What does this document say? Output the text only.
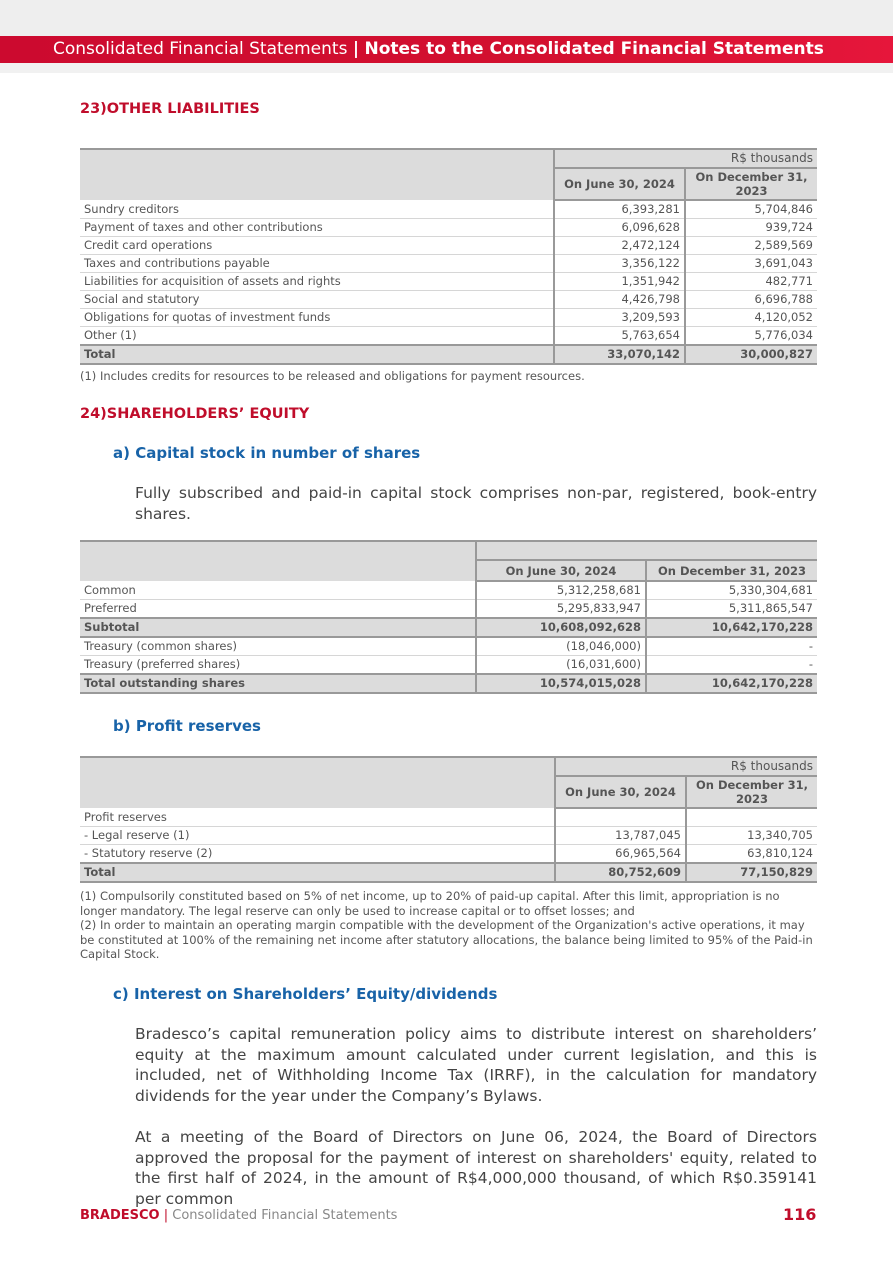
Consolidated Financial Statements | Notes to the Consolidated Financial Statements
23)OTHER LIABILITIES
	R$ thousands	
	On June 30, 2024	On December 31, 2023
Sundry creditors	6,393,281	5,704,846
Payment of taxes and other contributions	6,096,628	939,724
Credit card operations	2,472,124	2,589,569
Taxes and contributions payable	3,356,122	3,691,043
Liabilities for acquisition of assets and rights	1,351,942	482,771
Social and statutory	4,426,798	6,696,788
Obligations for quotas of investment funds	3,209,593	4,120,052
Other (1)	5,763,654	5,776,034
Total	33,070,142	30,000,827
(1) Includes credits for resources to be released and obligations for payment resources.
24)SHAREHOLDERS’ EQUITY
a) Capital stock in number of shares
Fully subscribed and paid-in capital stock comprises non-par, registered, book-entry shares.

	On June 30, 2024	On December 31, 2023
Common	5,312,258,681	5,330,304,681
Preferred	5,295,833,947	5,311,865,547
Subtotal	10,608,092,628	10,642,170,228
Treasury (common shares)	(18,046,000)	-
Treasury (preferred shares)	(16,031,600)	-
Total outstanding shares	10,574,015,028	10,642,170,228
b) Profit reserves
	R$ thousands	
	On June 30, 2024	On December 31, 2023
Profit reserves		
- Legal reserve (1)	13,787,045	13,340,705
- Statutory reserve (2)	66,965,564	63,810,124
Total	80,752,609	77,150,829
(1) Compulsorily constituted based on 5% of net income, up to 20% of paid-up capital. After this limit, appropriation is no longer mandatory. The legal reserve can only be used to increase capital or to offset losses; and
(2) In order to maintain an operating margin compatible with the development of the Organization's active operations, it may be constituted at 100% of the remaining net income after statutory allocations, the balance being limited to 95% of the Paid-in Capital Stock.
c) Interest on Shareholders’ Equity/dividends
Bradesco’s capital remuneration policy aims to distribute interest on shareholders’ equity at the maximum amount calculated under current legislation, and this is included, net of Withholding Income Tax (IRRF), in the calculation for mandatory dividends for the year under the Company’s Bylaws.
At a meeting of the Board of Directors on June 06, 2024, the Board of Directors approved the proposal for the payment of interest on shareholders' equity, related to the first half of 2024, in the amount of R$4,000,000 thousand, of which R$0.359141 per common
BRADESCO | Consolidated Financial Statements	116
